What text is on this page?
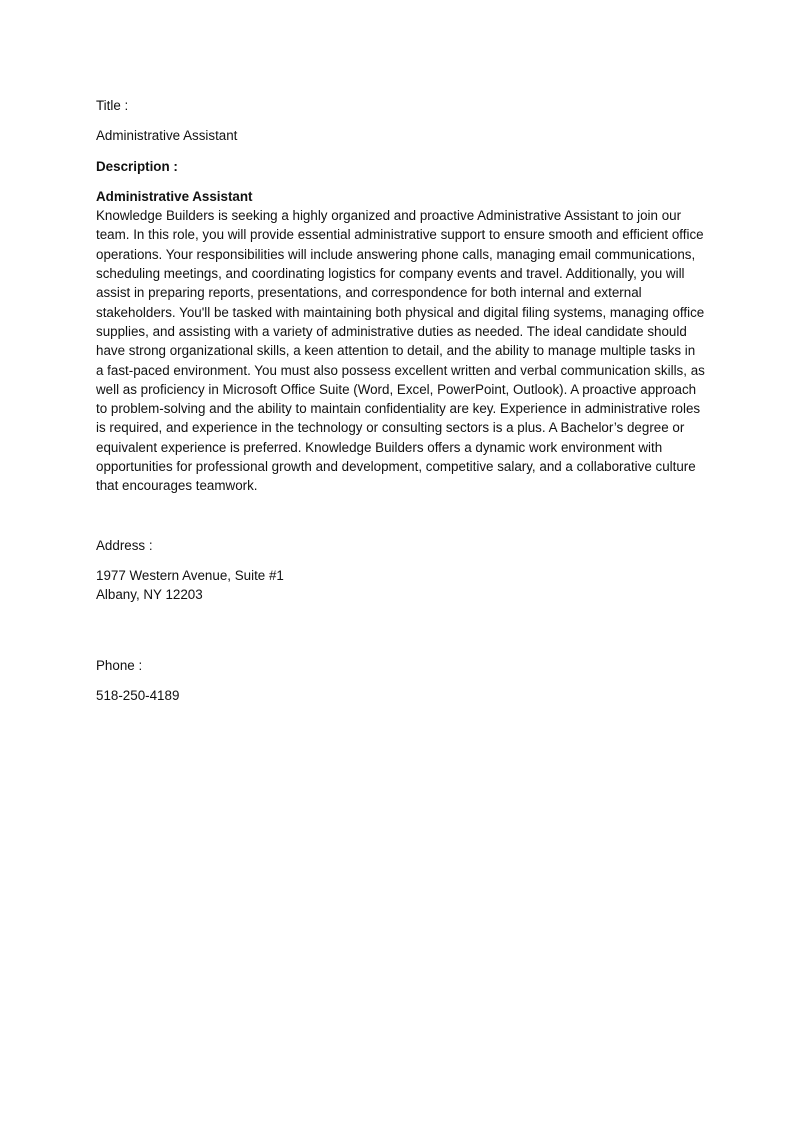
Title :
Administrative Assistant
Description :
Administrative Assistant
Knowledge Builders is seeking a highly organized and proactive Administrative Assistant to join our team. In this role, you will provide essential administrative support to ensure smooth and efficient office operations. Your responsibilities will include answering phone calls, managing email communications, scheduling meetings, and coordinating logistics for company events and travel. Additionally, you will assist in preparing reports, presentations, and correspondence for both internal and external stakeholders. You'll be tasked with maintaining both physical and digital filing systems, managing office supplies, and assisting with a variety of administrative duties as needed. The ideal candidate should have strong organizational skills, a keen attention to detail, and the ability to manage multiple tasks in a fast-paced environment. You must also possess excellent written and verbal communication skills, as well as proficiency in Microsoft Office Suite (Word, Excel, PowerPoint, Outlook). A proactive approach to problem-solving and the ability to maintain confidentiality are key. Experience in administrative roles is required, and experience in the technology or consulting sectors is a plus. A Bachelor’s degree or equivalent experience is preferred. Knowledge Builders offers a dynamic work environment with opportunities for professional growth and development, competitive salary, and a collaborative culture that encourages teamwork.
Address :
1977 Western Avenue, Suite #1
Albany, NY 12203
Phone :
518-250-4189
